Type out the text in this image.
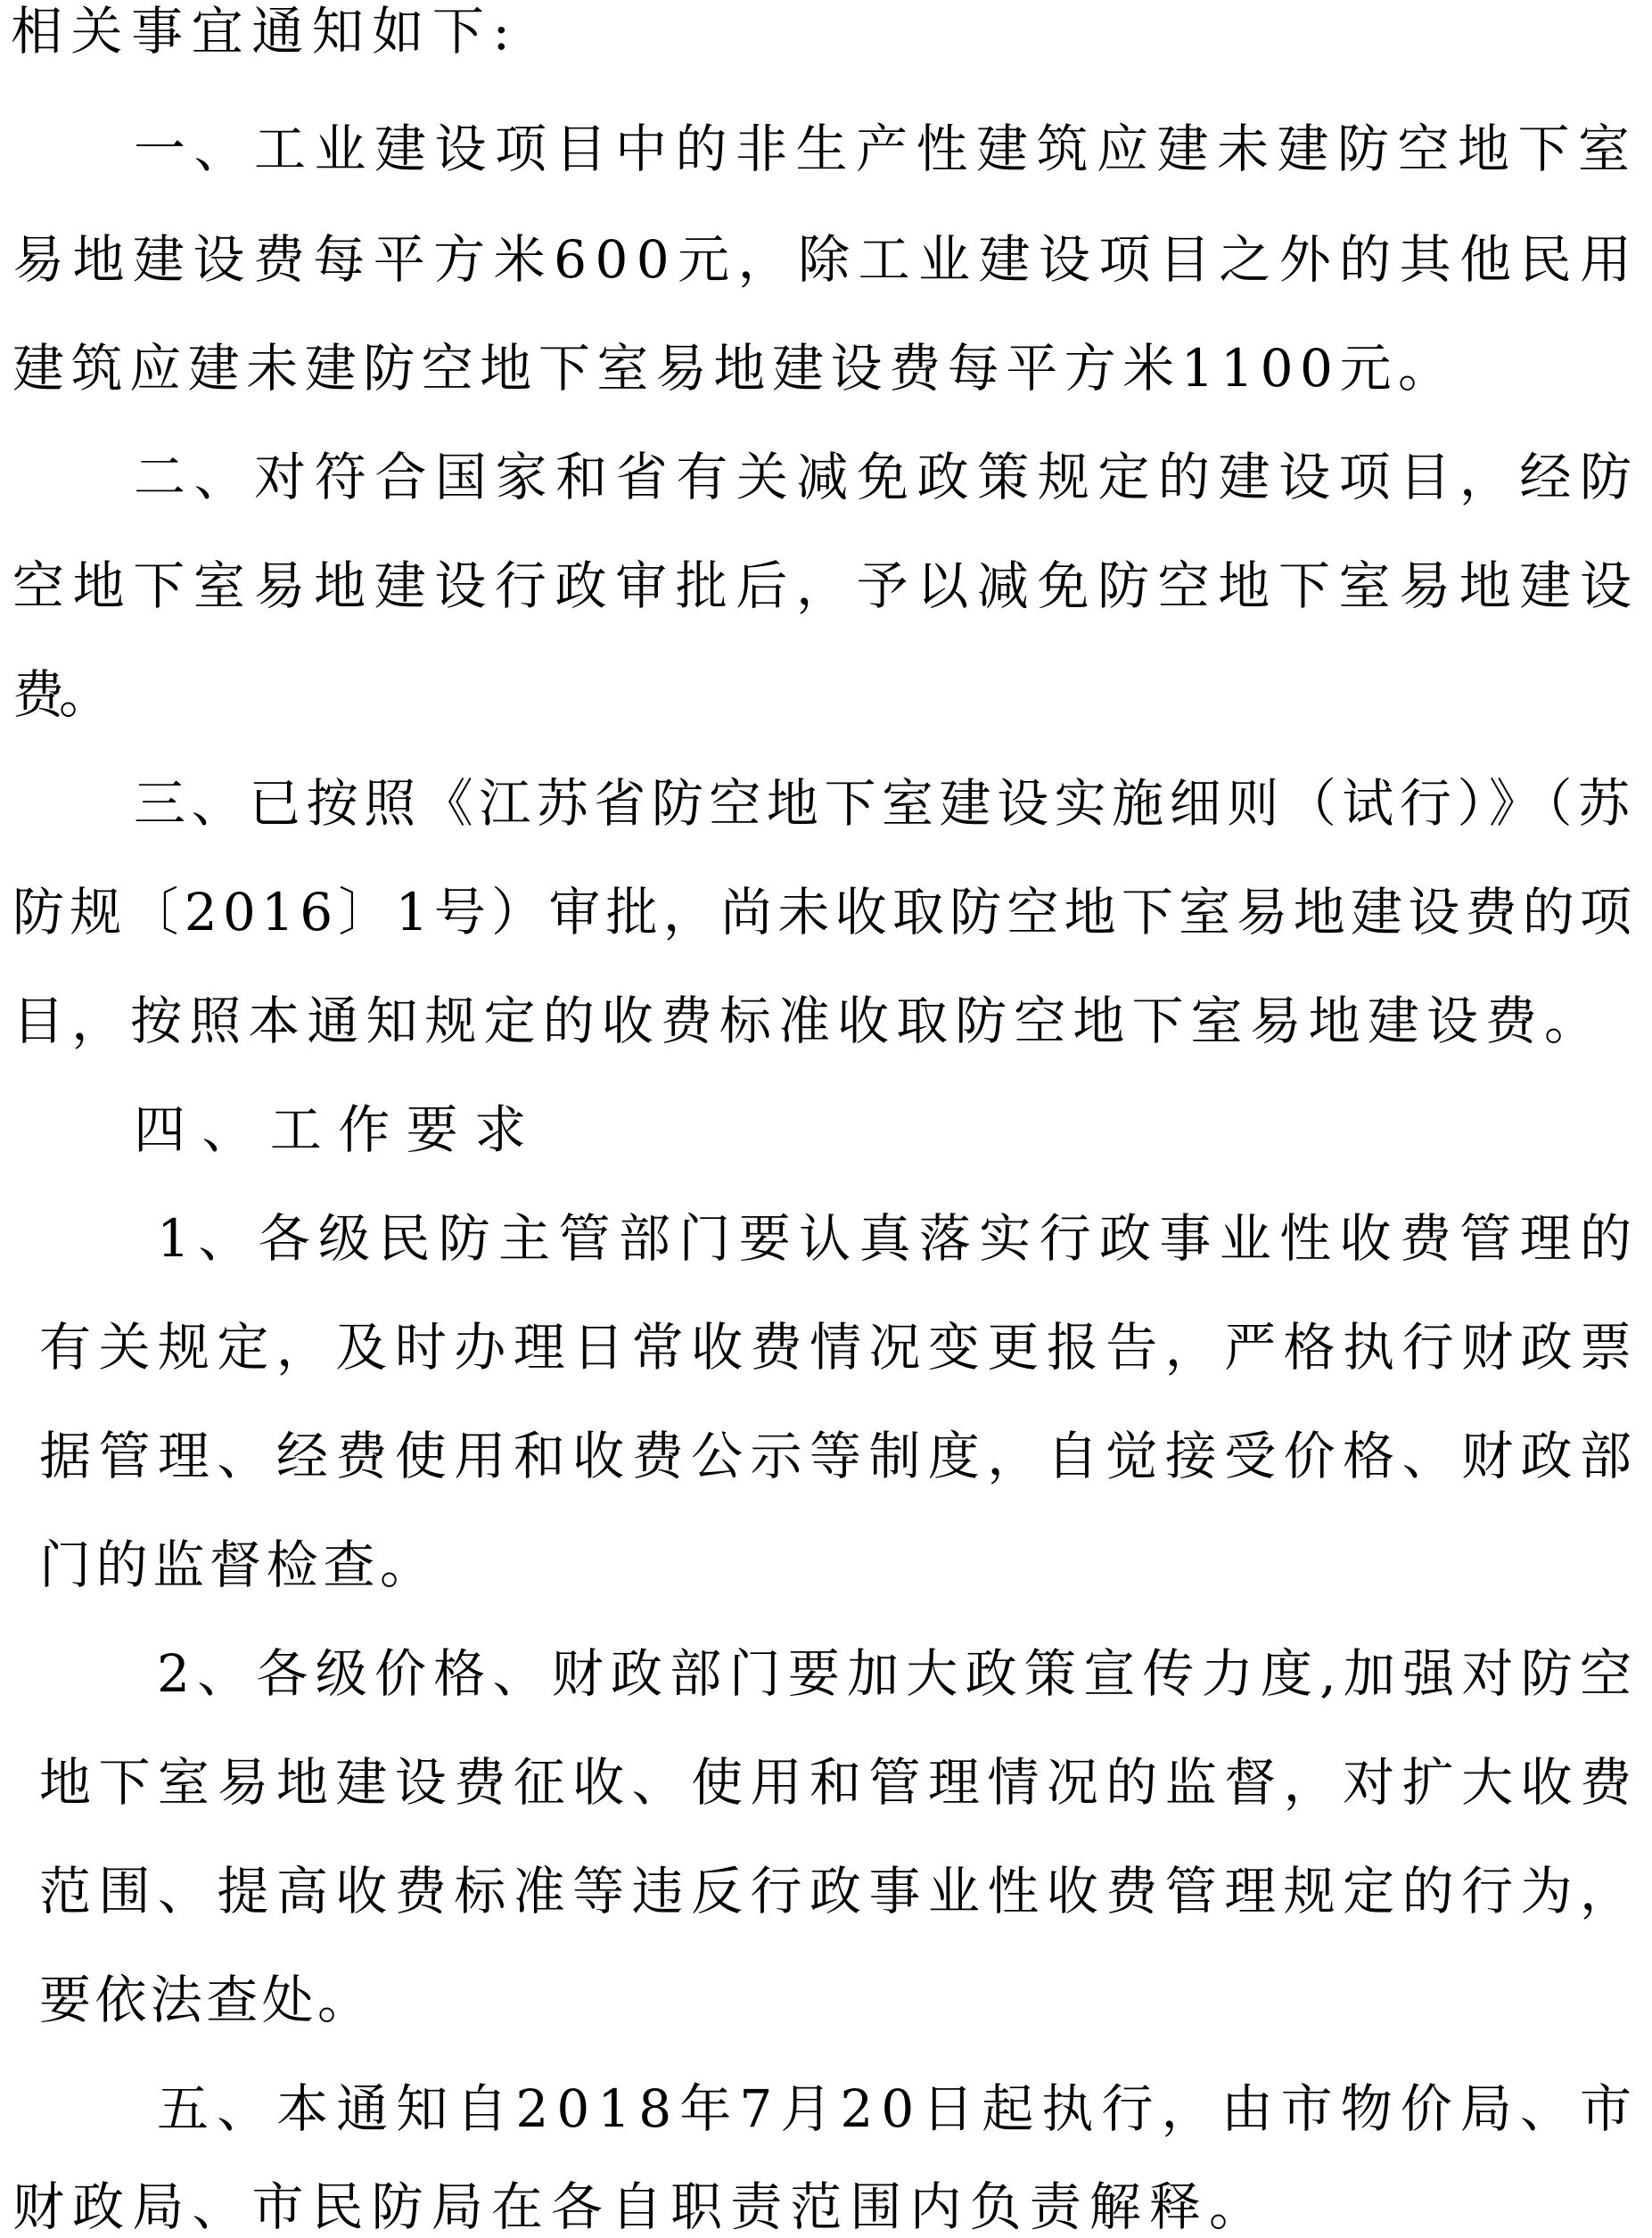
相关事宜通知如下:
一、工业建设项目中的非生产性建筑应建未建防空地下室
易地建设费每平方米600元，除工业建设项目之外的其他民用
建筑应建未建防空地下室易地建设费每平方米1100元。
二、对符合国家和省有关减免政策规定的建设项目，经防
空地下室易地建设行政审批后，予以减免防空地下室易地建设
费。
三、已按照《江苏省防空地下室建设实施细则（试行）》（苏
防规〔2016〕1号）审批，尚未收取防空地下室易地建设费的项
目，按照本通知规定的收费标准收取防空地下室易地建设费。
四、工作要求
1、各级民防主管部门要认真落实行政事业性收费管理的
有关规定，及时办理日常收费情况变更报告，严格执行财政票
据管理、经费使用和收费公示等制度，自觉接受价格、财政部
门的监督检查。
2、各级价格、财政部门要加大政策宣传力度,加强对防空
地下室易地建设费征收、使用和管理情况的监督，对扩大收费
范围、提高收费标准等违反行政事业性收费管理规定的行为，
要依法查处。
五、本通知自2018年7月20日起执行，由市物价局、市
财政局、市民防局在各自职责范围内负责解释。
